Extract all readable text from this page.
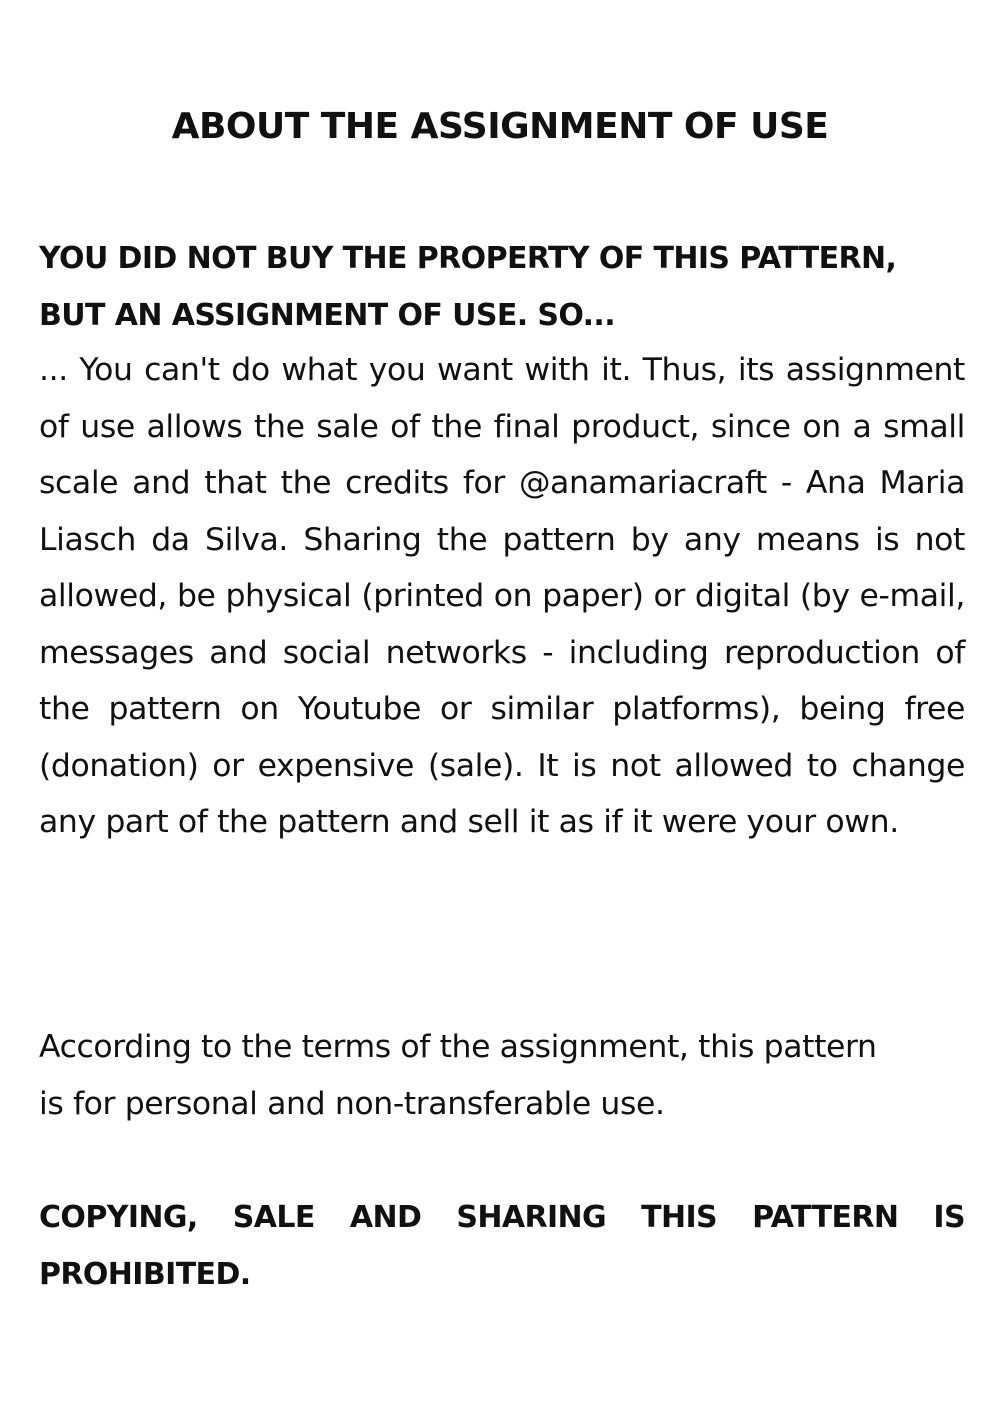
ABOUT THE ASSIGNMENT OF USE

YOU DID NOT BUY THE PROPERTY OF THIS PATTERN,
BUT AN ASSIGNMENT OF USE. SO...

... You can't do what you want with it. Thus, its assignment of use allows the sale of the final product, since on a small scale and that the credits for @anamariacraft - Ana Maria Liasch da Silva. Sharing the pattern by any means is not allowed, be physical (printed on paper) or digital (by e-mail, messages and social networks - including reproduction of the pattern on Youtube or similar platforms), being free (donation) or expensive (sale). It is not allowed to change any part of the pattern and sell it as if it were your own.

According to the terms of the assignment, this pattern
is for personal and non-transferable use.

COPYING, SALE AND SHARING THIS PATTERN IS PROHIBITED.
